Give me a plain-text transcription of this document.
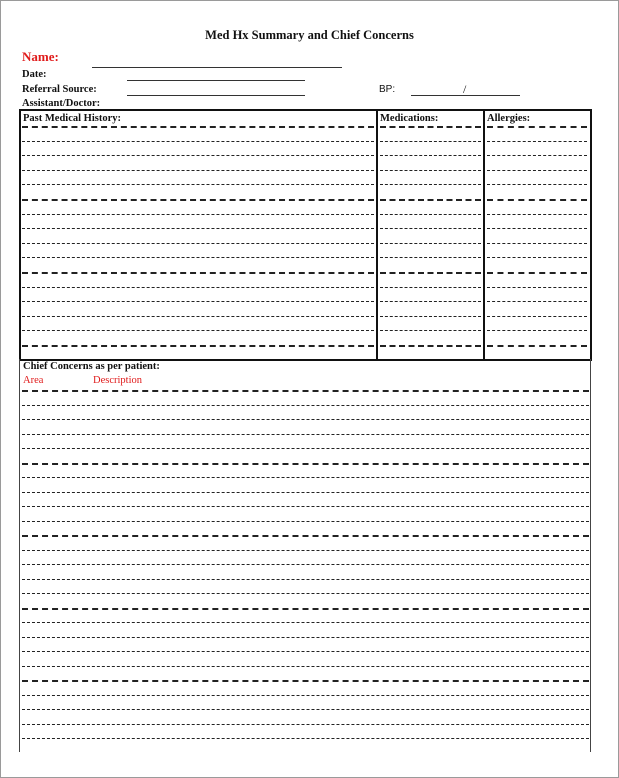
Med Hx Summary and Chief Concerns
Name:
Date:
Referral Source:
Assistant/Doctor:
BP:	/
Past Medical History:	Medications:	Allergies:
Chief Concerns as per patient:
Area	Description
